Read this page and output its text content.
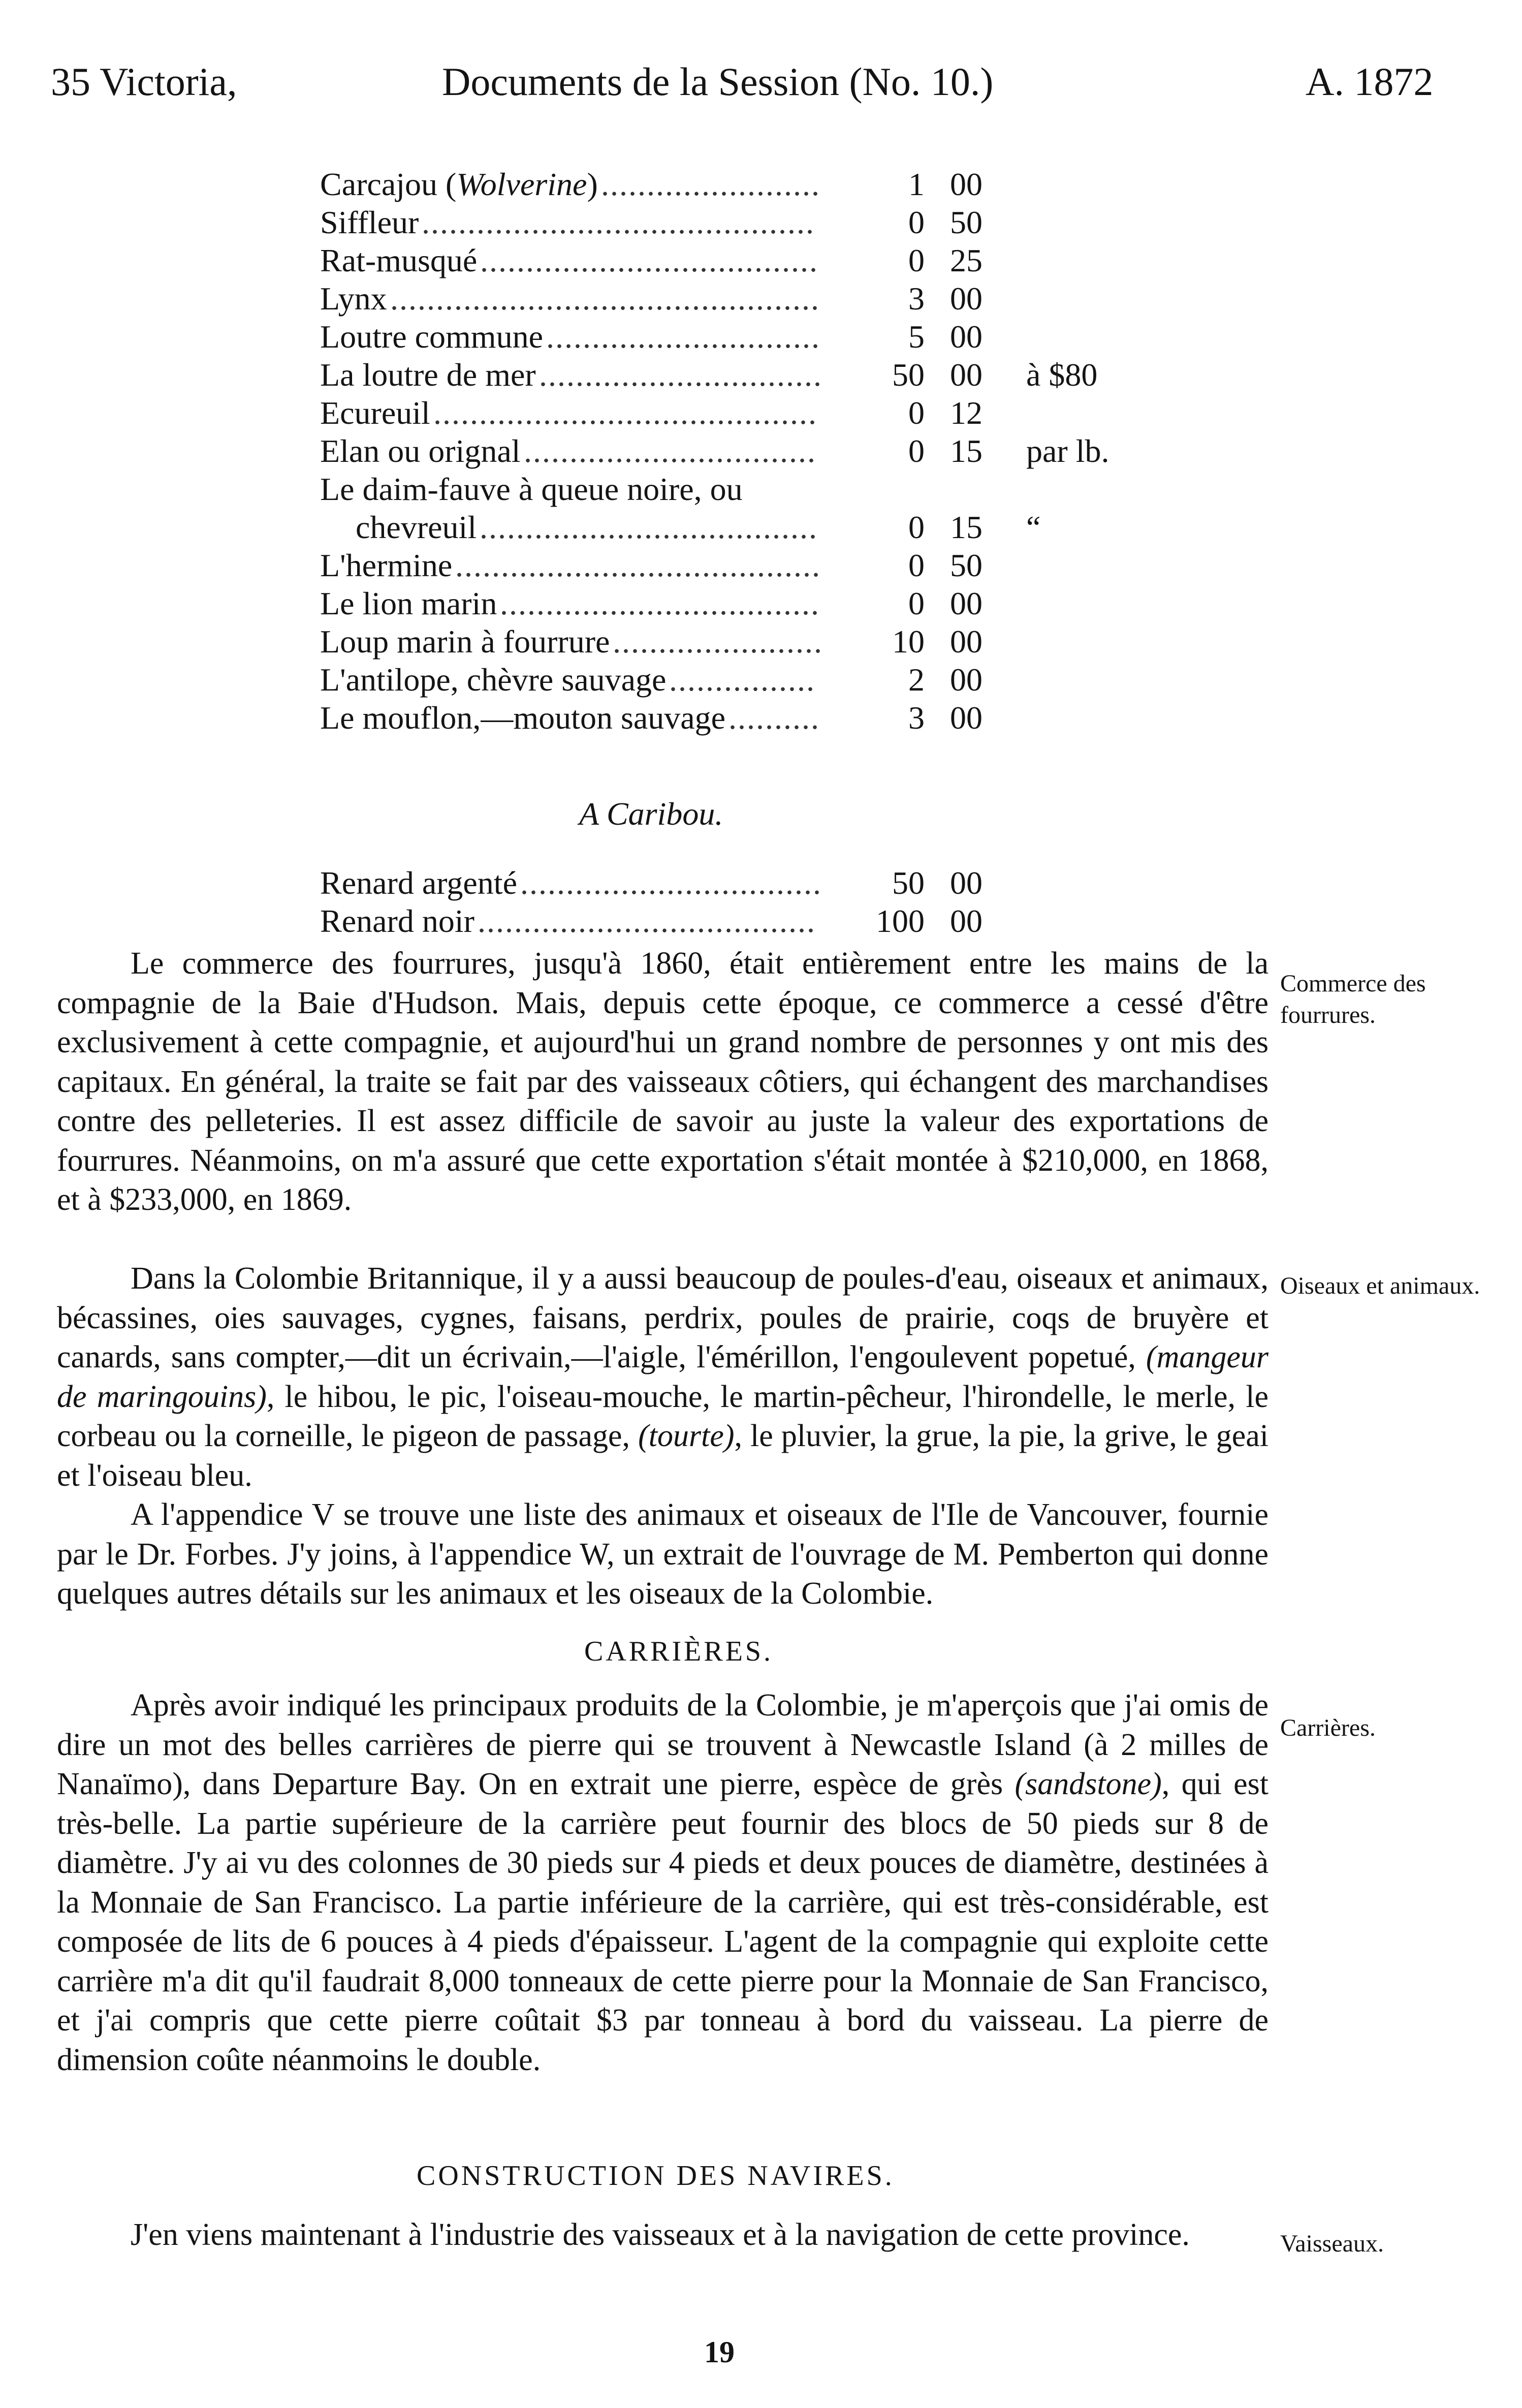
35 Victoria,	Documents de la Session (No. 10.)	A. 1872
Carcajou (Wolverine) ........................	1 00
Siffleur ...........................................	0 50
Rat-musqué .....................................	0 25
Lynx ...............................................	3 00
Loutre commune ..............................	5 00
La loutre de mer ...............................	50 00 à $80
Ecureuil ..........................................	0 12
Elan ou orignal ................................	0 15 par lb.
Le daim-fauve à queue noire, ou
chevreuil .....................................	0 15 “
L'hermine ........................................	0 50
Le lion marin ...................................	0 00
Loup marin à fourrure .......................	10 00
L'antilope, chèvre sauvage ................	2 00
Le mouflon,—mouton sauvage ..........	3 00
A Caribou.
Renard argenté .................................	50 00
Renard noir .....................................	100 00
Le commerce des fourrures, jusqu'à 1860, était entièrement entre les mains de la compagnie de la Baie d'Hudson. Mais, depuis cette époque, ce commerce a cessé d'être exclusivement à cette compagnie, et aujourd'hui un grand nombre de personnes y ont mis des capitaux. En général, la traite se fait par des vaisseaux côtiers, qui échangent des marchandises contre des pelleteries. Il est assez difficile de savoir au juste la valeur des exportations de fourrures. Néanmoins, on m'a assuré que cette exportation s'était montée à $210,000, en 1868, et à $233,000, en 1869.
Commerce des fourrures.
Dans la Colombie Britannique, il y a aussi beaucoup de poules-d'eau, oiseaux et animaux, bécassines, oies sauvages, cygnes, faisans, perdrix, poules de prairie, coqs de bruyère et canards, sans compter,—dit un écrivain,—l'aigle, l'émérillon, l'engoulevent popetué, (mangeur de maringouins), le hibou, le pic, l'oiseau-mouche, le martin-pêcheur, l'hirondelle, le merle, le corbeau ou la corneille, le pigeon de passage, (tourte), le pluvier, la grue, la pie, la grive, le geai et l'oiseau bleu.
Oiseaux et animaux.
A l'appendice V se trouve une liste des animaux et oiseaux de l'Ile de Vancouver, fournie par le Dr. Forbes. J'y joins, à l'appendice W, un extrait de l'ouvrage de M. Pemberton qui donne quelques autres détails sur les animaux et les oiseaux de la Colombie.
CARRIÈRES.
Après avoir indiqué les principaux produits de la Colombie, je m'aperçois que j'ai omis de dire un mot des belles carrières de pierre qui se trouvent à Newcastle Island (à 2 milles de Nanaïmo), dans Departure Bay. On en extrait une pierre, espèce de grès (sandstone), qui est très-belle. La partie supérieure de la carrière peut fournir des blocs de 50 pieds sur 8 de diamètre. J'y ai vu des colonnes de 30 pieds sur 4 pieds et deux pouces de diamètre, destinées à la Monnaie de San Francisco. La partie inférieure de la carrière, qui est très-considérable, est composée de lits de 6 pouces à 4 pieds d'épaisseur. L'agent de la compagnie qui exploite cette carrière m'a dit qu'il faudrait 8,000 tonneaux de cette pierre pour la Monnaie de San Francisco, et j'ai compris que cette pierre coûtait $3 par tonneau à bord du vaisseau. La pierre de dimension coûte néanmoins le double.
Carrières.
CONSTRUCTION DES NAVIRES.
J'en viens maintenant à l'industrie des vaisseaux et à la navigation de cette province.	Vaisseaux.
19
